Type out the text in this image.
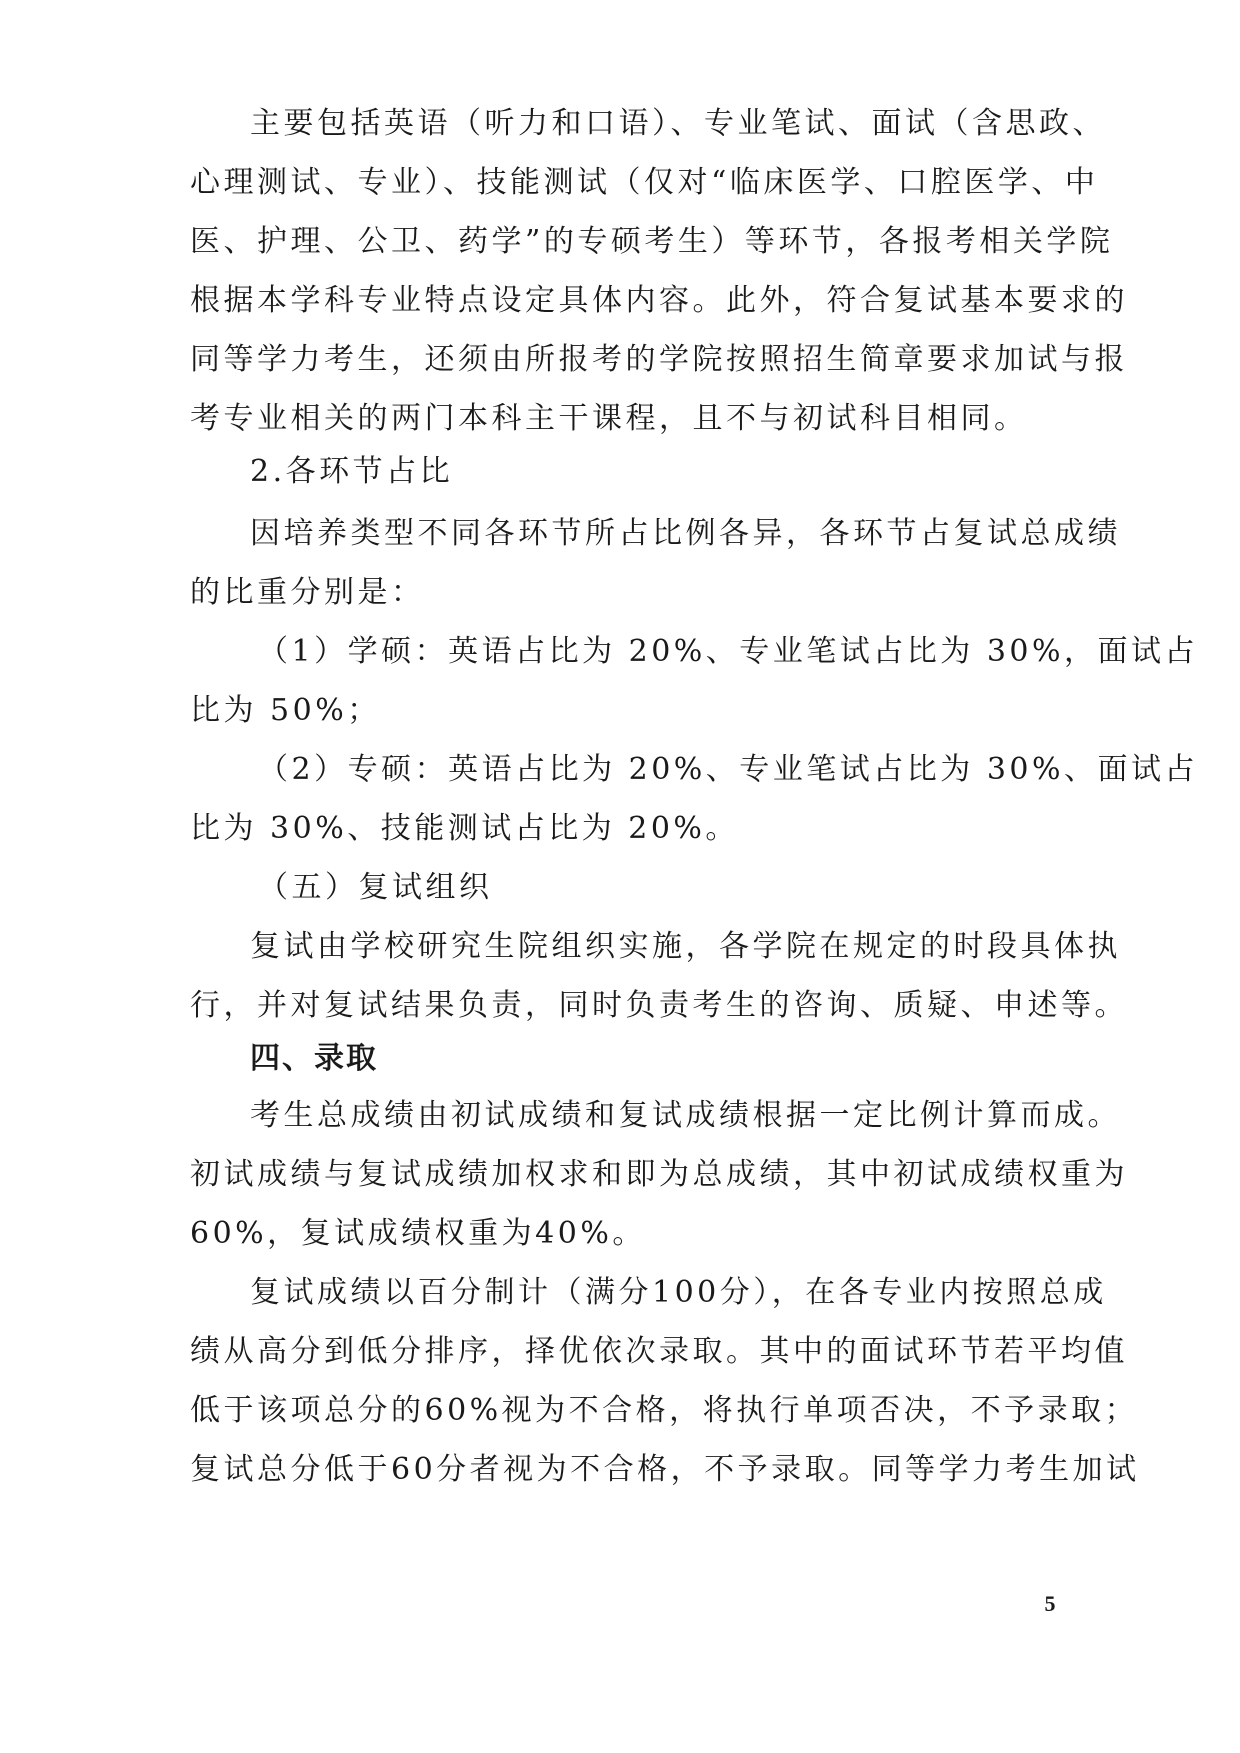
主要包括英语（听力和口语）、专业笔试、面试（含思政、
心理测试、专业）、技能测试（仅对“临床医学、口腔医学、中
医、护理、公卫、药学”的专硕考生）等环节，各报考相关学院
根据本学科专业特点设定具体内容。此外，符合复试基本要求的
同等学力考生，还须由所报考的学院按照招生简章要求加试与报
考专业相关的两门本科主干课程，且不与初试科目相同。
2.各环节占比
因培养类型不同各环节所占比例各异，各环节占复试总成绩
的比重分别是：
（1）学硕：英语占比为 20%、专业笔试占比为 30%，面试占
比为 50%；
（2）专硕：英语占比为 20%、专业笔试占比为 30%、面试占
比为 30%、技能测试占比为 20%。
（五）复试组织
复试由学校研究生院组织实施，各学院在规定的时段具体执
行，并对复试结果负责，同时负责考生的咨询、质疑、申述等。
四、录取
考生总成绩由初试成绩和复试成绩根据一定比例计算而成。
初试成绩与复试成绩加权求和即为总成绩，其中初试成绩权重为
60%，复试成绩权重为40%。
复试成绩以百分制计（满分100分），在各专业内按照总成
绩从高分到低分排序，择优依次录取。其中的面试环节若平均值
低于该项总分的60%视为不合格，将执行单项否决，不予录取；
复试总分低于60分者视为不合格，不予录取。同等学力考生加试
5
